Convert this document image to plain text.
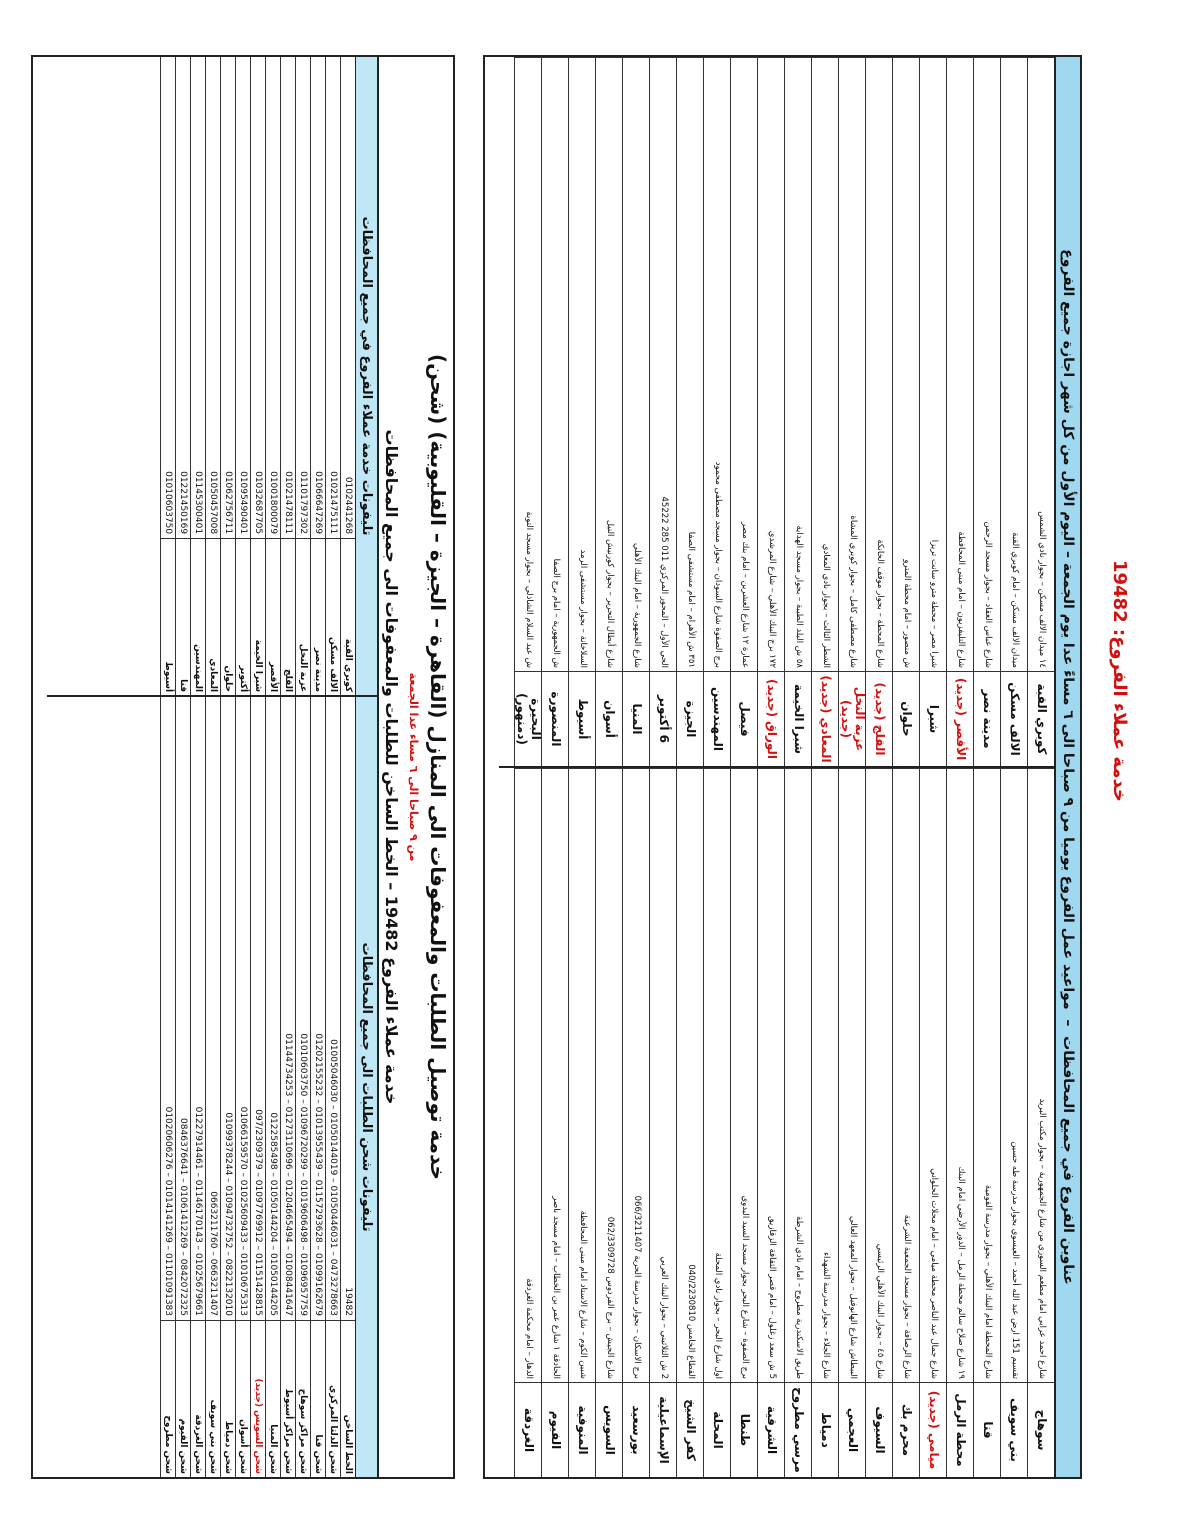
عناوين الفروع في جميع المحافظات  –  مواعيد عمل الفروع يوميا من ٩ صباحا الى ٦ مساءً عدا يوم الجمعة – اليوم الأول من كل شهر اجازة جميع الفروع
سوهاج
شارع احمد عرابي امام مطعم السوري من شارع الجمهورية – بجوار مكتب البريد
بني سويف
تقسيم 151 ارض عبد الله أحمد – العيسوي بجوار مدرسة طه حسين
قنا
شارع المحطة امام البنك الأهلي – بجوار مدرسة القومية
محطة الرمل
١٩ شارع صلاح سالم محطة الرمل – الدور الأرضي امام البنك
ميامي (جديد)
شارع جمال عبد الناصر محطة ميامي – امام محلات الحلواني
محرم بك
شارع الرصافة – بجوار مسجد الجمعية الشرعية
السيوف
شارع ٤٥ – بجوار البنك الأهلي الرئيسي
العجمي
البيطاش شارع الهانوفيل – بجوار المعهد العالي
دمياط
شارع الجلاء – بجوار مدرسة الشهداء
مرسي مطروح
طريق الاسكندرية مطروح – امام نادي الشرطة
الشرقية
5 ش سعد زغلول – امام قصر الثقافة الزقازيق
طنطا
برج الصفوة – شارع البحر بجوار مسجد السيد البدوي
المحلة
اول شارع البحر – بجوار نادي المحلة
كفر الشيخ
القطاع الخامس 040/2230810
الإسماعيلية
2 ش الثلاثيني – بجوار البنك العربي
بورسعيد
برج الاسكان – بجوار مدرسة الحرية 066/3211407
السويس
شارع الجيش – برج الفردوس 062/3309728
المنوفية
شبين الكوم – شارع الاستاد امام مبنى المحافظة
الفيوم
الحادقة ١ شارع عمر بن الخطاب – امام مسجد ناصر
الغردقة
الدهار – امام محكمة الغردقة
كوبري القبة
١٤ ميدان الالف مسكن – بجوار نادي الشمس
الالف مسكن
ميدان الالف مسكن – امام كوبري القبة
مدينة نصر
شارع عباس العقاد – بجوار مسجد الرحمن
الأقصر (جديد)
شارع التليفزيون – امام مبنى المحافظة
شبرا
شبرا مصر – محطة مترو سانت تريزا
حلوان
ش منصور – امام محطة المترو
القلج (جديد)
شارع المحطة – بجوار موقف الخانكة
عزبة النخل (جديد)
شارع مصطفى كامل – بجوار كوبري المشاة
المعادي (جديد)
الشطر الثالث – بجوار نادي المعادي
شبرا الخيمة
٥٨ ش البلد الطيبة – بجوار مسجد الهداية
الوراق (جديد)
١٧٢ برج البنك الأهلي – شارع المرشدي
فيصل
عمارة ١٢ شارع العشرين – امام بنك مصر
المهندسين
برج الصفوة شارع السودان – بجوار مسجد مصطفى محمود
الجيزة
٣٥١ ش الأهرام – امام مستشفى الصفا
6 أكتوبر
الحي الأول – المحور المركزي 011 285 45222
المنيا
شارع الجمهورية – امام البنك الأهلي
أسوان
شارع أبطال التحرير – بجوار كورنيش النيل
أسيوط
السلاخانة – بجوار مستشفى الرمد
المنصورة
ش الجمهورية – امام برج الصفا
البحيرة (دمنهور)
ش عبد السلام الشاذلي – بجوار مسجد التوبة	خدمة عملاء الفروع: 19482
خدمة توصيل الطلبات والمعفوفات الى المنازل (القاهرة – الجيزة – القليوبية) (شحن)
من ٩ صباحا الى ٦ مساء عدا الجمعة
خدمة عملاء الفروع 19482 – الخط الساخن للطلبات والمعفوفات الى جميع المحافظات
تليفونات شحن الطلبات الى جميع المحافظات
الخط الساخن
19482
شحن الدلتا المركزي
01005046030 – 01050144019 – 01050446031 – 0473278663
شحن قنا
01202155232 – 01013955439 – 01157293628 – 01099162679
شحن مراكز سوهاج
01010603750 – 01096720299 – 01019606498 – 01096957759
شحن مراكز أسيوط
01144734253 – 01273110696 – 01204665494 – 01008441647
شحن المنيا
0122585498 – 01050144204 – 01050144205
شحن السويس (جديد)
097/2309379 – 01097769912 – 01151428815
شحن أسوان
01066159570 – 01025609433 – 01010675313
شحن دمياط
01099378244 – 01094732752 – 0822132010
شحن بني سويف
0663211760 – 0663211407
شحن الغردقة
01227914461 – 01146170143 – 01025679661
شحن الفيوم
0846376641 – 01061412269 – 0842072325
شحن مطروح
01020606276 – 01014141269 – 01101091383
تليفونات خدمة عملاء الفروع في جميع المحافظات
كوبري القبة
0102441268
الالف مسكن
01021475111
مدينة نصر
01066647269
عزبة النخل
01101797302
القلج
01021478111
الأقصر
01001800079
شبرا الخيمة
01032687705
أكتوبر
01095490401
حلوان
01062756711
المعادي
01050457008
المهندسين
01145300401
قنا
01221450169
أسيوط
01010603750
